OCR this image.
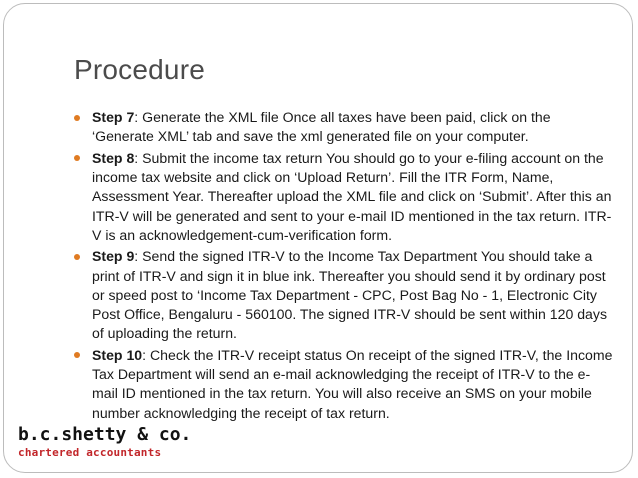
Procedure
Step 7: Generate the XML file Once all taxes have been paid, click on the ‘Generate XML’ tab and save the xml generated file on your computer.
Step 8: Submit the income tax return You should go to your e-filing account on the income tax website and click on ‘Upload Return’. Fill the ITR Form, Name, Assessment Year. Thereafter upload the XML file and click on ‘Submit’. After this an ITR-V will be generated and sent to your e-mail ID mentioned in the tax return. ITR-V is an acknowledgement-cum-verification form.
Step 9: Send the signed ITR-V to the Income Tax Department You should take a print of ITR-V and sign it in blue ink. Thereafter you should send it by ordinary post or speed post to ‘Income Tax Department - CPC, Post Bag No - 1, Electronic City Post Office, Bengaluru - 560100. The signed ITR-V should be sent within 120 days of uploading the return.
Step 10: Check the ITR-V receipt status On receipt of the signed ITR-V, the Income Tax Department will send an e-mail acknowledging the receipt of ITR-V to the e-mail ID mentioned in the tax return. You will also receive an SMS on your mobile number acknowledging the receipt of tax return.
b.c.shetty & co.
chartered accountants
